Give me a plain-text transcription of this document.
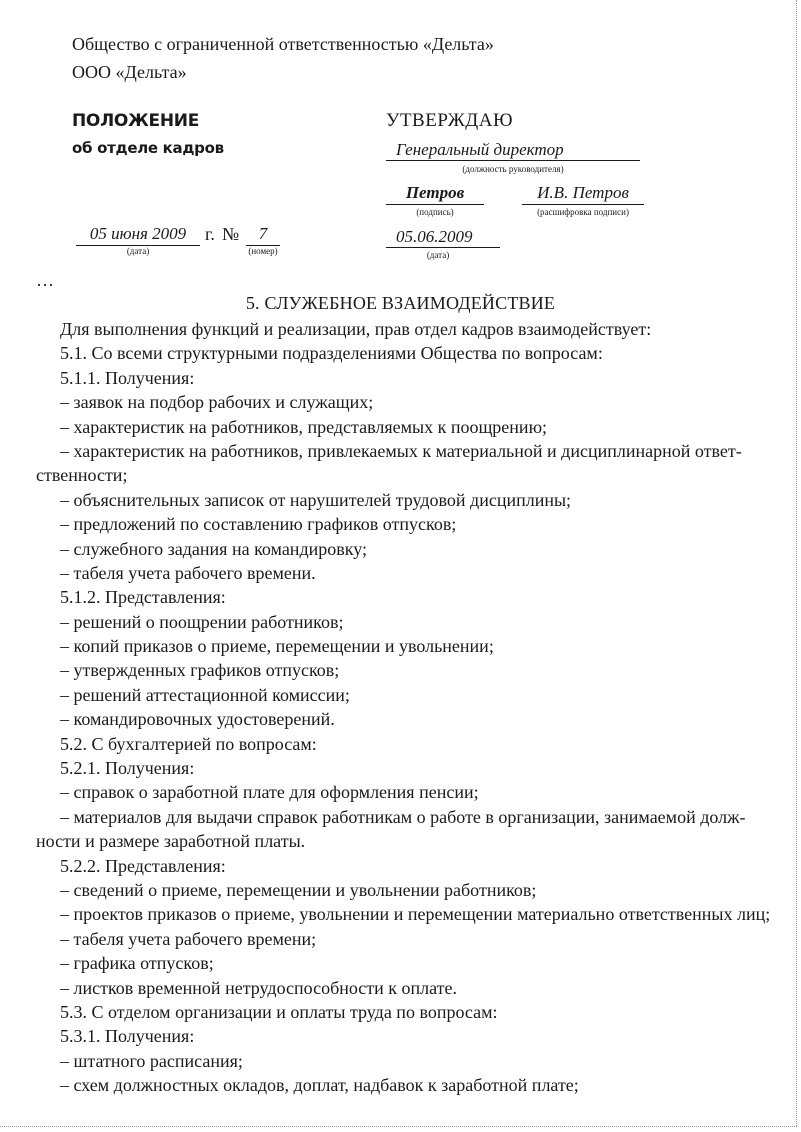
Общество с ограниченной ответственностью «Дельта»
ООО «Дельта»
ПОЛОЖЕНИЕ
об отделе кадров
УТВЕРЖДАЮ
Генеральный директор
(должность руководителя)
Петров
(подпись)
И.В. Петров
(расшифровка подписи)
05.06.2009
(дата)
05 июня 2009
(дата)
г. №	7
(номер)
…
5. СЛУЖЕБНОЕ ВЗАИМОДЕЙСТВИЕ
Для выполнения функций и реализации, прав отдел кадров взаимодействует:
5.1. Со всеми структурными подразделениями Общества по вопросам:
5.1.1. Получения:
– заявок на подбор рабочих и служащих;
– характеристик на работников, представляемых к поощрению;
– характеристик на работников, привлекаемых к материальной и дисциплинарной ответ-
ственности;
– объяснительных записок от нарушителей трудовой дисциплины;
– предложений по составлению графиков отпусков;
– служебного задания на командировку;
– табеля учета рабочего времени.
5.1.2. Представления:
– решений о поощрении работников;
– копий приказов о приеме, перемещении и увольнении;
– утвержденных графиков отпусков;
– решений аттестационной комиссии;
– командировочных удостоверений.
5.2. С бухгалтерией по вопросам:
5.2.1. Получения:
– справок о заработной плате для оформления пенсии;
– материалов для выдачи справок работникам о работе в организации, занимаемой долж-
ности и размере заработной платы.
5.2.2. Представления:
– сведений о приеме, перемещении и увольнении работников;
– проектов приказов о приеме, увольнении и перемещении материально ответственных лиц;
– табеля учета рабочего времени;
– графика отпусков;
– листков временной нетрудоспособности к оплате.
5.3. С отделом организации и оплаты труда по вопросам:
5.3.1. Получения:
– штатного расписания;
– схем должностных окладов, доплат, надбавок к заработной плате;
